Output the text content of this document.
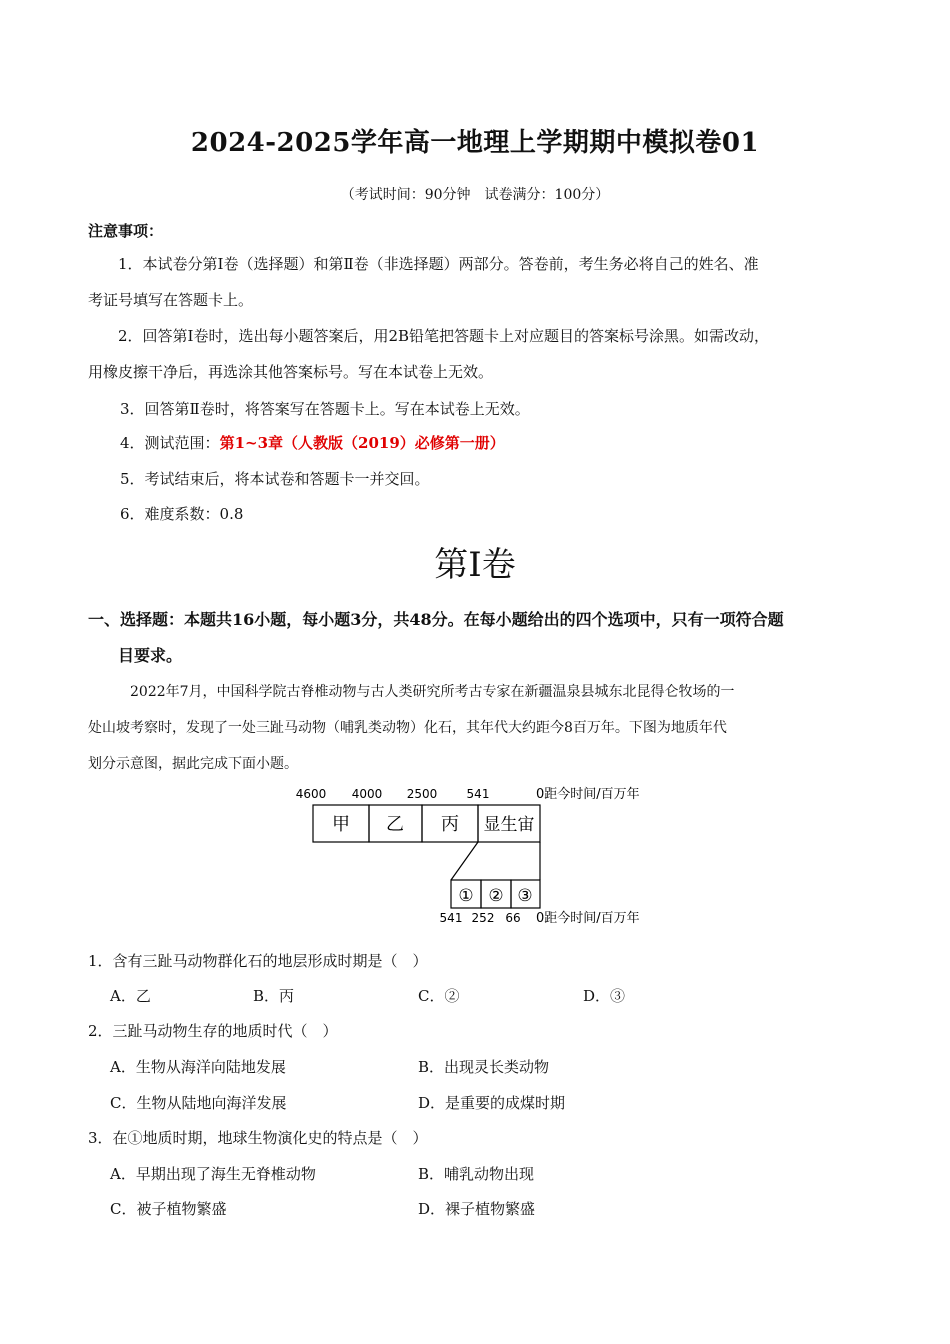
2024-2025学年高一地理上学期期中模拟卷01
（考试时间：90分钟　试卷满分：100分）
注意事项：
1．本试卷分第Ⅰ卷（选择题）和第Ⅱ卷（非选择题）两部分。答卷前，考生务必将自己的姓名、准
考证号填写在答题卡上。
2．回答第Ⅰ卷时，选出每小题答案后，用2B铅笔把答题卡上对应题目的答案标号涂黑。如需改动，
用橡皮擦干净后，再选涂其他答案标号。写在本试卷上无效。
3．回答第Ⅱ卷时，将答案写在答题卡上。写在本试卷上无效。
4．测试范围：第1~3章（人教版（2019）必修第一册）
5．考试结束后，将本试卷和答题卡一并交回。
6．难度系数：0.8
第Ⅰ卷
一、选择题：本题共16小题，每小题3分，共48分。在每小题给出的四个选项中，只有一项符合题
目要求。
2022年7月，中国科学院古脊椎动物与古人类研究所考古专家在新疆温泉县城东北昆得仑牧场的一
处山坡考察时，发现了一处三趾马动物（哺乳类动物）化石，其年代大约距今8百万年。下图为地质年代
划分示意图，据此完成下面小题。
4600 4000 2500 541	0距今时间/百万年
甲 乙 丙 显生宙
① ② ③
541 252 66 0距今时间/百万年
1．含有三趾马动物群化石的地层形成时期是（　）
A．乙	B．丙	C．②	D．③
2．三趾马动物生存的地质时代（　）
A．生物从海洋向陆地发展	B．出现灵长类动物
C．生物从陆地向海洋发展	D．是重要的成煤时期
3．在①地质时期，地球生物演化史的特点是（　）
A．早期出现了海生无脊椎动物	B．哺乳动物出现
C．被子植物繁盛	D．裸子植物繁盛
